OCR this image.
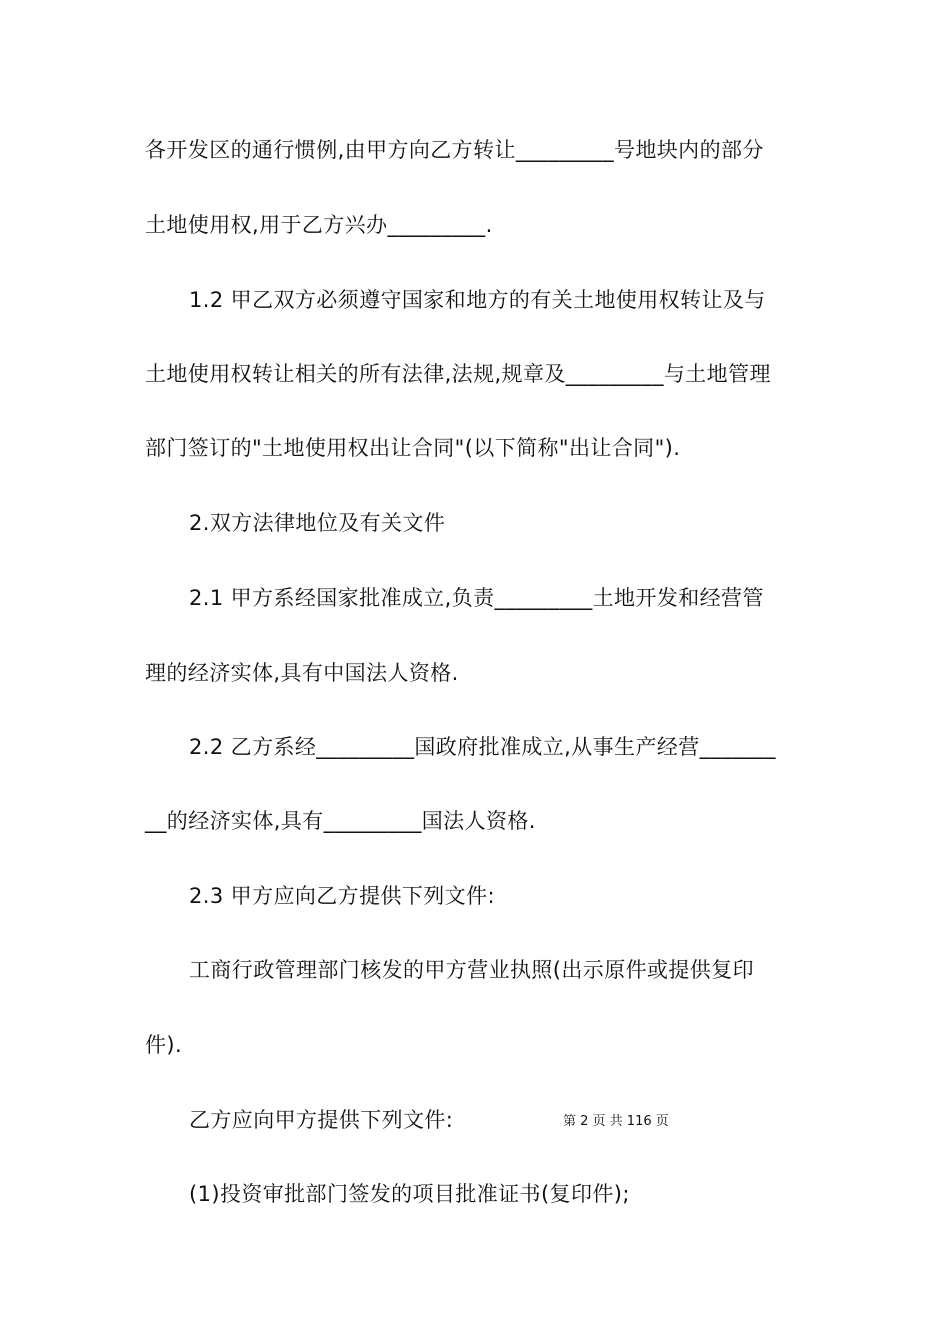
各开发区的通行惯例,由甲方向乙方转让_________号地块内的部分
土地使用权,用于乙方兴办_________.
1.2 甲乙双方必须遵守国家和地方的有关土地使用权转让及与
土地使用权转让相关的所有法律,法规,规章及_________与土地管理
部门签订的"土地使用权出让合同"(以下简称"出让合同").
2.双方法律地位及有关文件
2.1 甲方系经国家批准成立,负责_________土地开发和经营管
理的经济实体,具有中国法人资格.
2.2 乙方系经_________国政府批准成立,从事生产经营_______
__的经济实体,具有_________国法人资格.
2.3 甲方应向乙方提供下列文件:
工商行政管理部门核发的甲方营业执照(出示原件或提供复印
件).
乙方应向甲方提供下列文件:	第 2 页 共 116 页
(1)投资审批部门签发的项目批准证书(复印件);
